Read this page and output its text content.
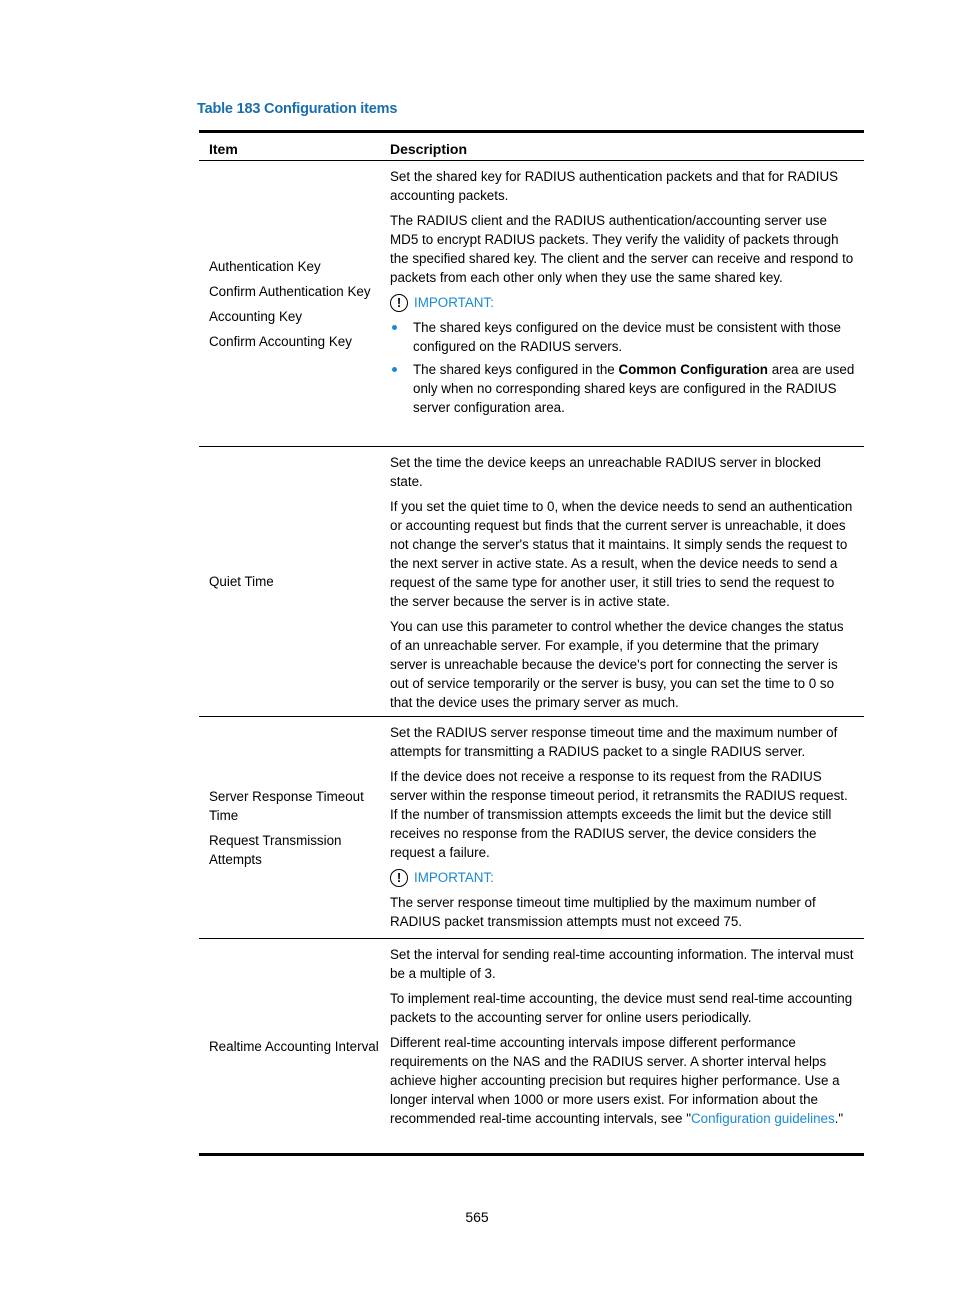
Table 183 Configuration items
Item	Description
Authentication Key
Confirm Authentication Key
Accounting Key
Confirm Accounting Key

Set the shared key for RADIUS authentication packets and that for RADIUS accounting packets.

The RADIUS client and the RADIUS authentication/accounting server use MD5 to encrypt RADIUS packets. They verify the validity of packets through the specified shared key. The client and the server can receive and respond to packets from each other only when they use the same shared key.

! IMPORTANT:
The shared keys configured on the device must be consistent with those configured on the RADIUS servers.
The shared keys configured in the Common Configuration area are used only when no corresponding shared keys are configured in the RADIUS server configuration area.
Quiet Time

Set the time the device keeps an unreachable RADIUS server in blocked state.

If you set the quiet time to 0, when the device needs to send an authentication or accounting request but finds that the current server is unreachable, it does not change the server's status that it maintains. It simply sends the request to the next server in active state. As a result, when the device needs to send a request of the same type for another user, it still tries to send the request to the server because the server is in active state.

You can use this parameter to control whether the device changes the status of an unreachable server. For example, if you determine that the primary server is unreachable because the device's port for connecting the server is out of service temporarily or the server is busy, you can set the time to 0 so that the device uses the primary server as much.

Server Response Timeout Time
Request Transmission Attempts

Set the RADIUS server response timeout time and the maximum number of attempts for transmitting a RADIUS packet to a single RADIUS server.

If the device does not receive a response to its request from the RADIUS server within the response timeout period, it retransmits the RADIUS request. If the number of transmission attempts exceeds the limit but the device still receives no response from the RADIUS server, the device considers the request a failure.

! IMPORTANT:

The server response timeout time multiplied by the maximum number of RADIUS packet transmission attempts must not exceed 75.

Realtime Accounting Interval

Set the interval for sending real-time accounting information. The interval must be a multiple of 3.

To implement real-time accounting, the device must send real-time accounting packets to the accounting server for online users periodically.

Different real-time accounting intervals impose different performance requirements on the NAS and the RADIUS server. A shorter interval helps achieve higher accounting precision but requires higher performance. Use a longer interval when 1000 or more users exist. For information about the recommended real-time accounting intervals, see "Configuration guidelines."

565
